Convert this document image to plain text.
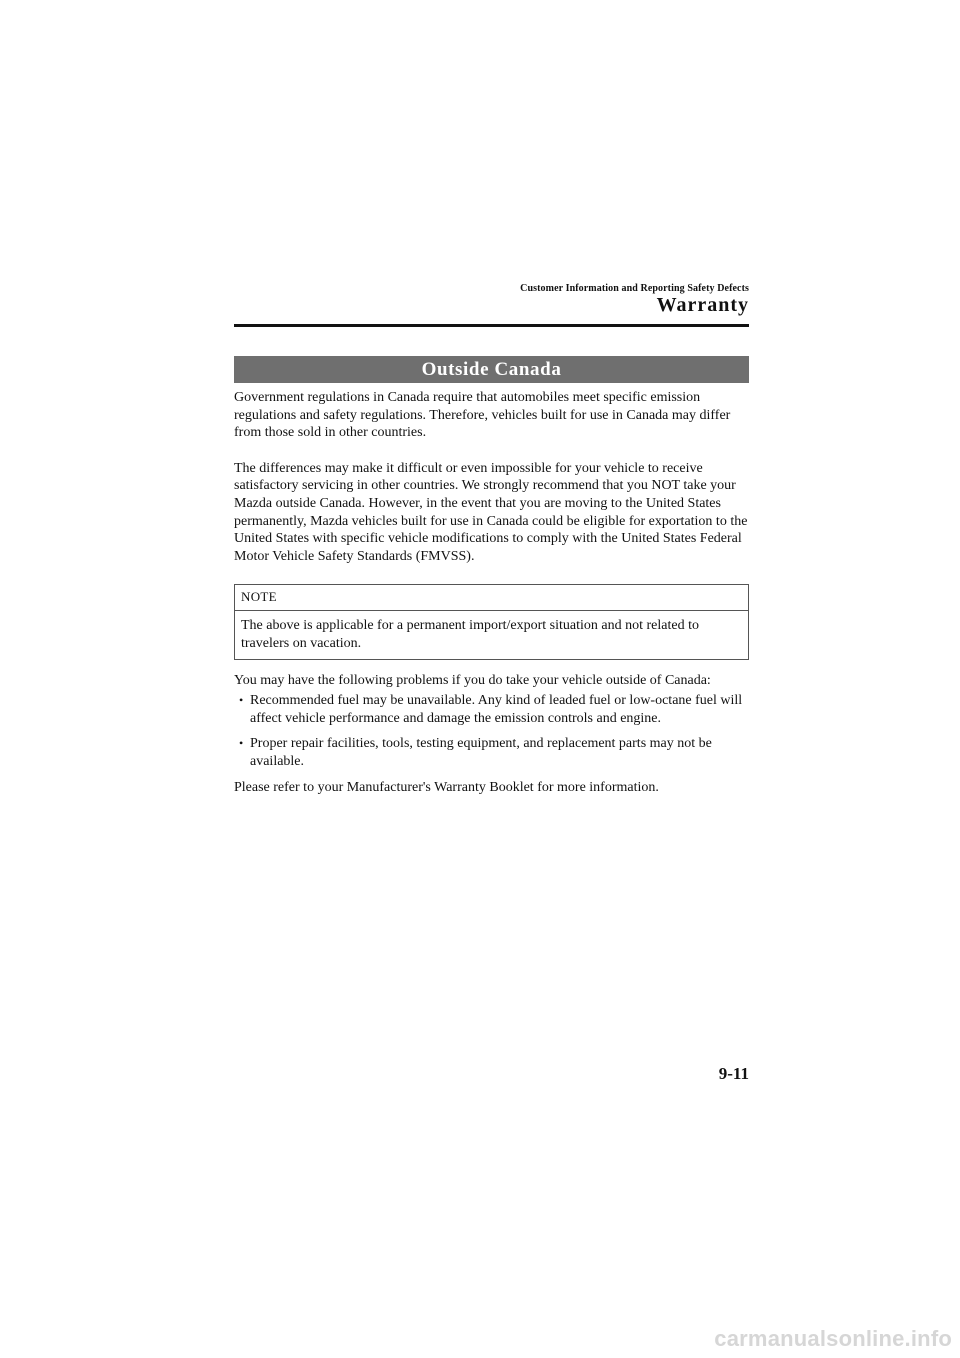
Customer Information and Reporting Safety Defects
Warranty
Outside Canada

Government regulations in Canada require that automobiles meet specific emission regulations and safety regulations. Therefore, vehicles built for use in Canada may differ from those sold in other countries.

The differences may make it difficult or even impossible for your vehicle to receive satisfactory servicing in other countries. We strongly recommend that you NOT take your Mazda outside Canada. However, in the event that you are moving to the United States permanently, Mazda vehicles built for use in Canada could be eligible for exportation to the United States with specific vehicle modifications to comply with the United States Federal Motor Vehicle Safety Standards (FMVSS).

NOTE
The above is applicable for a permanent import/export situation and not related to travelers on vacation.

You may have the following problems if you do take your vehicle outside of Canada:

• Recommended fuel may be unavailable. Any kind of leaded fuel or low-octane fuel will affect vehicle performance and damage the emission controls and engine.
• Proper repair facilities, tools, testing equipment, and replacement parts may not be available.

Please refer to your Manufacturer's Warranty Booklet for more information.

9-11
carmanualsonline.info
